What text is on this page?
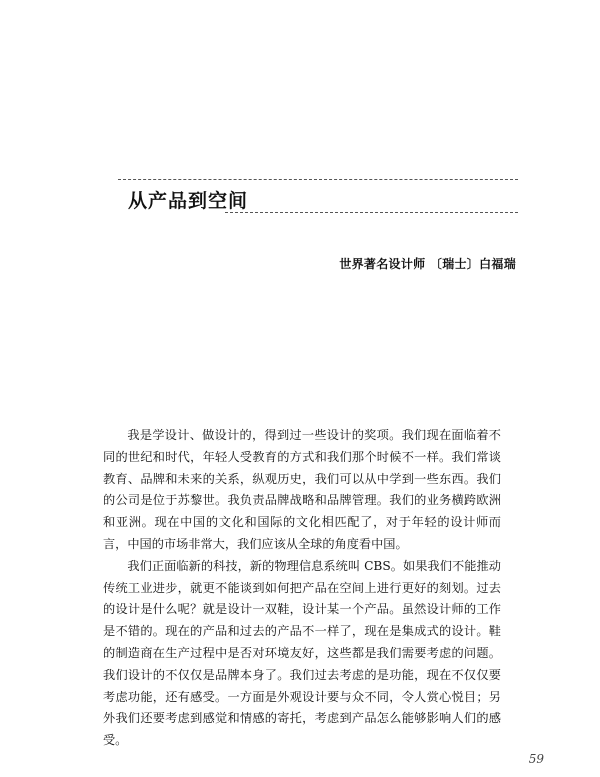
从产品到空间

世界著名设计师 〔瑞士〕白福瑞

我是学设计、做设计的，得到过一些设计的奖项。我们现在面临着不同的世纪和时代，年轻人受教育的方式和我们那个时候不一样。我们常谈教育、品牌和未来的关系，纵观历史，我们可以从中学到一些东西。我们的公司是位于苏黎世。我负责品牌战略和品牌管理。我们的业务横跨欧洲和亚洲。现在中国的文化和国际的文化相匹配了，对于年轻的设计师而言，中国的市场非常大，我们应该从全球的角度看中国。

我们正面临新的科技，新的物理信息系统叫 CBS。如果我们不能推动传统工业进步，就更不能谈到如何把产品在空间上进行更好的刻划。过去的设计是什么呢？就是设计一双鞋，设计某一个产品。虽然设计师的工作是不错的。现在的产品和过去的产品不一样了，现在是集成式的设计。鞋的制造商在生产过程中是否对环境友好，这些都是我们需要考虑的问题。我们设计的不仅仅是品牌本身了。我们过去考虑的是功能，现在不仅仅要考虑功能，还有感受。一方面是外观设计要与众不同，令人赏心悦目；另外我们还要考虑到感觉和情感的寄托，考虑到产品怎么能够影响人们的感受。

59
